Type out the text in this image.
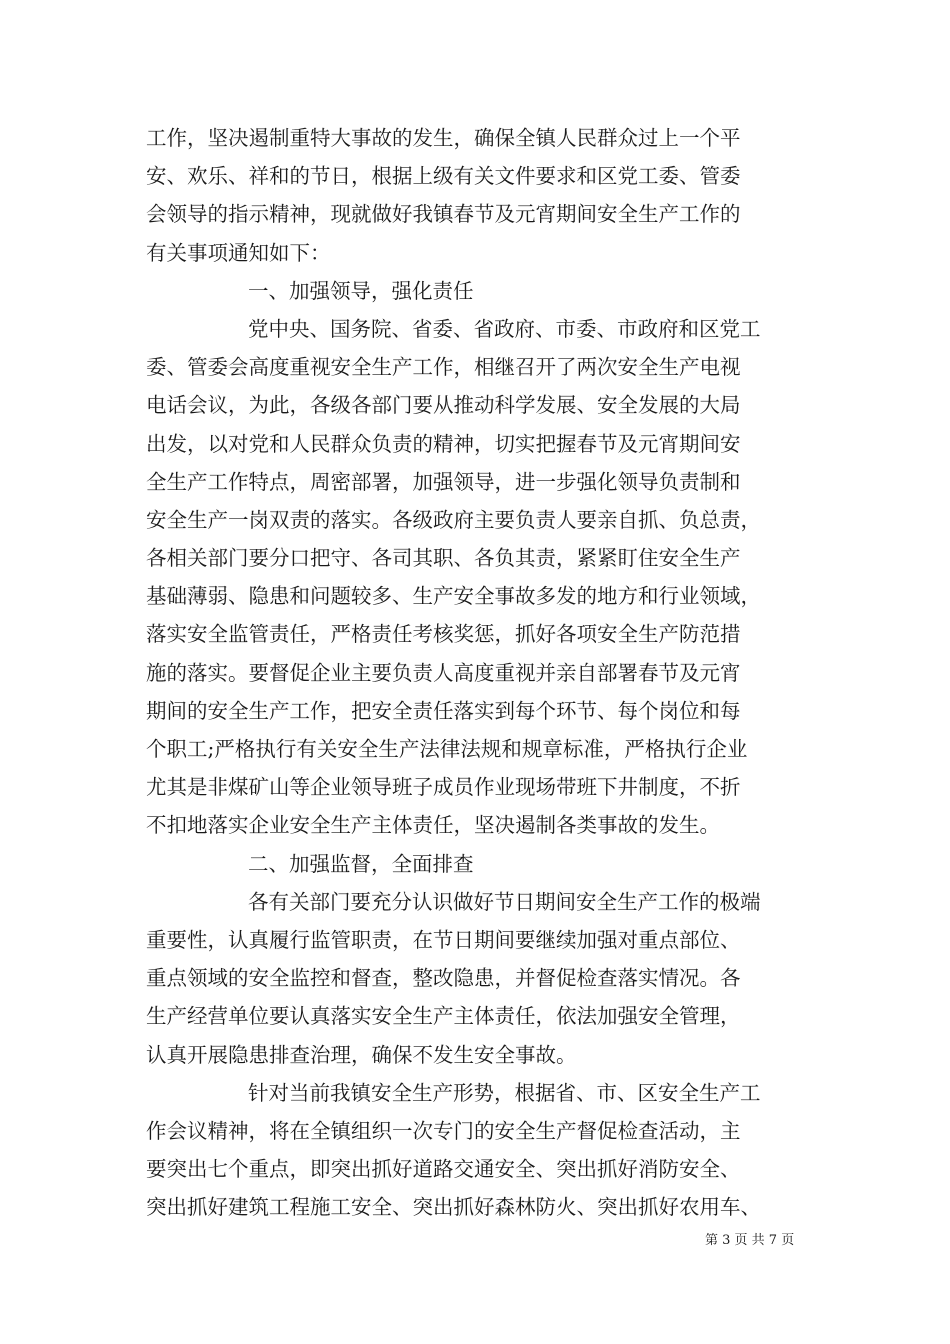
工作，坚决遏制重特大事故的发生，确保全镇人民群众过上一个平
安、欢乐、祥和的节日，根据上级有关文件要求和区党工委、管委
会领导的指示精神，现就做好我镇春节及元宵期间安全生产工作的
有关事项通知如下：
一、加强领导，强化责任
党中央、国务院、省委、省政府、市委、市政府和区党工
委、管委会高度重视安全生产工作，相继召开了两次安全生产电视
电话会议，为此，各级各部门要从推动科学发展、安全发展的大局
出发，以对党和人民群众负责的精神，切实把握春节及元宵期间安
全生产工作特点，周密部署，加强领导，进一步强化领导负责制和
安全生产一岗双责的落实。各级政府主要负责人要亲自抓、负总责，
各相关部门要分口把守、各司其职、各负其责，紧紧盯住安全生产
基础薄弱、隐患和问题较多、生产安全事故多发的地方和行业领域，
落实安全监管责任，严格责任考核奖惩，抓好各项安全生产防范措
施的落实。要督促企业主要负责人高度重视并亲自部署春节及元宵
期间的安全生产工作，把安全责任落实到每个环节、每个岗位和每
个职工;严格执行有关安全生产法律法规和规章标准，严格执行企业
尤其是非煤矿山等企业领导班子成员作业现场带班下井制度，不折
不扣地落实企业安全生产主体责任，坚决遏制各类事故的发生。
二、加强监督，全面排查
各有关部门要充分认识做好节日期间安全生产工作的极端
重要性，认真履行监管职责，在节日期间要继续加强对重点部位、
重点领域的安全监控和督查，整改隐患，并督促检查落实情况。各
生产经营单位要认真落实安全生产主体责任，依法加强安全管理，
认真开展隐患排查治理，确保不发生安全事故。
针对当前我镇安全生产形势，根据省、市、区安全生产工
作会议精神，将在全镇组织一次专门的安全生产督促检查活动，主
要突出七个重点，即突出抓好道路交通安全、突出抓好消防安全、
突出抓好建筑工程施工安全、突出抓好森林防火、突出抓好农用车、
第 3 页 共 7 页
